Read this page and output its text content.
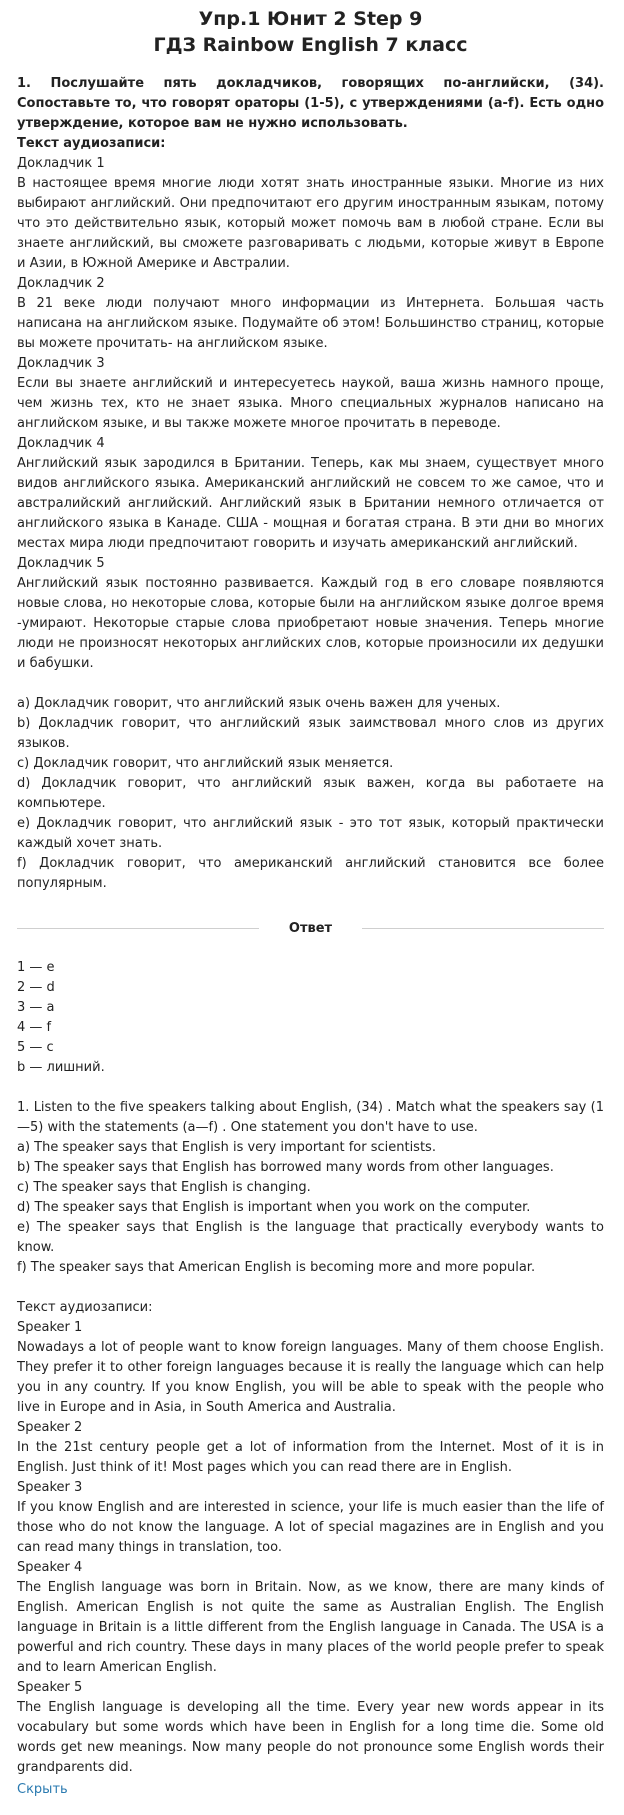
Упр.1 Юнит 2 Step 9
ГДЗ Rainbow English 7 класс
1. Послушайте пять докладчиков, говорящих по-английски, (34). Сопоставьте то, что говорят ораторы (1-5), с утверждениями (a-f). Есть одно утверждение, которое вам не нужно использовать.
Текст аудиозаписи:
Докладчик 1
В настоящее время многие люди хотят знать иностранные языки. Многие из них выбирают английский. Они предпочитают его другим иностранным языкам, потому что это действительно язык, который может помочь вам в любой стране. Если вы знаете английский, вы сможете разговаривать с людьми, которые живут в Европе и Азии, в Южной Америке и Австралии.
Докладчик 2
В 21 веке люди получают много информации из Интернета. Большая часть написана на английском языке. Подумайте об этом! Большинство страниц, которые вы можете прочитать- на английском языке.
Докладчик 3
Если вы знаете английский и интересуетесь наукой, ваша жизнь намного проще, чем жизнь тех, кто не знает языка. Много специальных журналов написано на английском языке, и вы также можете многое прочитать в переводе.
Докладчик 4
Английский язык зародился в Британии. Теперь, как мы знаем, существует много видов английского языка. Американский английский не совсем то же самое, что и австралийский английский. Английский язык в Британии немного отличается от английского языка в Канаде. США - мощная и богатая страна. В эти дни во многих местах мира люди предпочитают говорить и изучать американский английский.
Докладчик 5
Английский язык постоянно развивается. Каждый год в его словаре появляются новые слова, но некоторые слова, которые были на английском языке долгое время -умирают. Некоторые старые слова приобретают новые значения. Теперь многие люди не произносят некоторых английских слов, которые произносили их дедушки и бабушки.
a) Докладчик говорит, что английский язык очень важен для ученых.
b) Докладчик говорит, что английский язык заимствовал много слов из других языков.
c) Докладчик говорит, что английский язык меняется.
d) Докладчик говорит, что английский язык важен, когда вы работаете на компьютере.
e) Докладчик говорит, что английский язык - это тот язык, который практически каждый хочет знать.
f) Докладчик говорит, что американский английский становится все более популярным.
Ответ
1 — e
2 — d
3 — a
4 — f
5 — c
b — лишний.
1. Listen to the five speakers talking about English, (34) . Match what the speakers say (1—5) with the statements (a—f) . One statement you don't have to use.
a) The speaker says that English is very important for scientists.
b) The speaker says that English has borrowed many words from other languages.
c) The speaker says that English is changing.
d) The speaker says that English is important when you work on the computer.
e) The speaker says that English is the language that practically everybody wants to know.
f) The speaker says that American English is becoming more and more popular.
Текст аудиозаписи:
Speaker 1
Nowadays a lot of people want to know foreign languages. Many of them choose English. They prefer it to other foreign languages because it is really the language which can help you in any country. If you know English, you will be able to speak with the people who live in Europe and in Asia, in South America and Australia.
Speaker 2
In the 21st century people get a lot of information from the Internet. Most of it is in English. Just think of it! Most pages which you can read there are in English.
Speaker 3
If you know English and are interested in science, your life is much easier than the life of those who do not know the language. A lot of special magazines are in English and you can read many things in translation, too.
Speaker 4
The English language was born in Britain. Now, as we know, there are many kinds of English. American English is not quite the same as Australian English. The English language in Britain is a little different from the English language in Canada. The USA is a powerful and rich country. These days in many places of the world people prefer to speak and to learn American English.
Speaker 5
The English language is developing all the time. Every year new words appear in its vocabulary but some words which have been in English for a long time die. Some old words get new meanings. Now many people do not pronounce some English words their grandparents did.
Скрыть
